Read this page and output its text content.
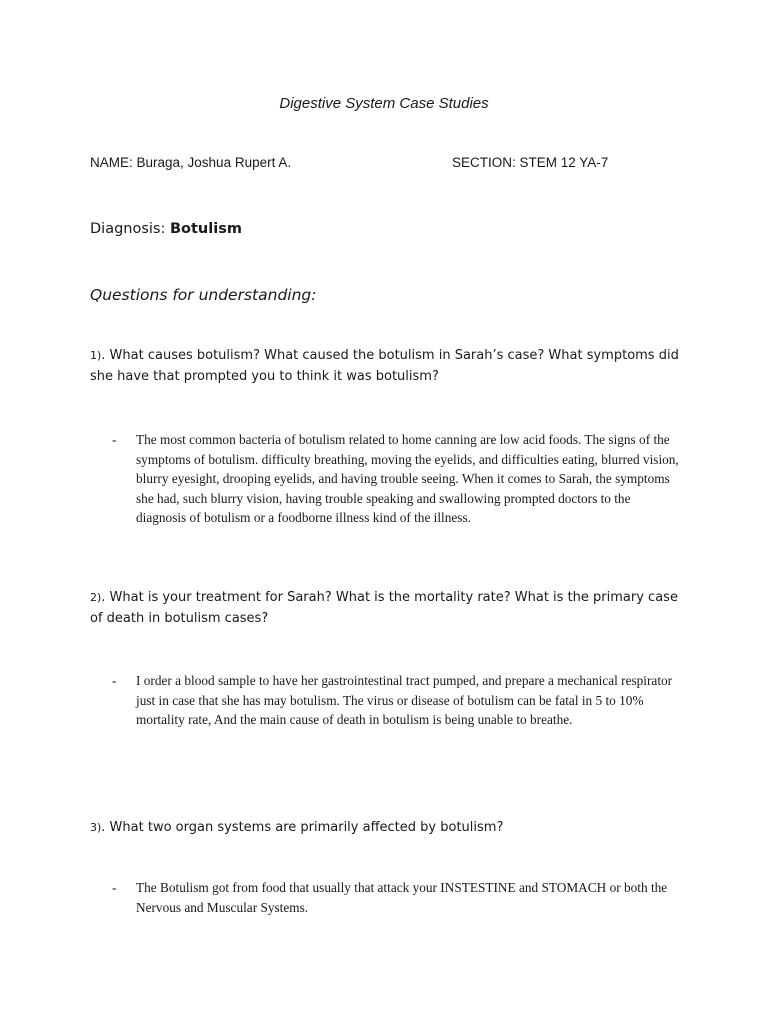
Digestive System Case Studies
NAME: Buraga, Joshua Rupert A.	SECTION: STEM 12 YA-7
Diagnosis: Botulism
Questions for understanding:
1). What causes botulism? What caused the botulism in Sarah’s case? What symptoms did she have that prompted you to think it was botulism?
- The most common bacteria of botulism related to home canning are low acid foods. The signs of the symptoms of botulism. difficulty breathing, moving the eyelids, and difficulties eating, blurred vision, blurry eyesight, drooping eyelids, and having trouble seeing. When it comes to Sarah, the symptoms she had, such blurry vision, having trouble speaking and swallowing prompted doctors to the diagnosis of botulism or a foodborne illness kind of the illness.
2). What is your treatment for Sarah? What is the mortality rate? What is the primary case of death in botulism cases?
- I order a blood sample to have her gastrointestinal tract pumped, and prepare a mechanical respirator just in case that she has may botulism. The virus or disease of botulism can be fatal in 5 to 10% mortality rate, And the main cause of death in botulism is being unable to breathe.
3). What two organ systems are primarily affected by botulism?
- The Botulism got from food that usually that attack your INSTESTINE and STOMACH or both the Nervous and Muscular Systems.
